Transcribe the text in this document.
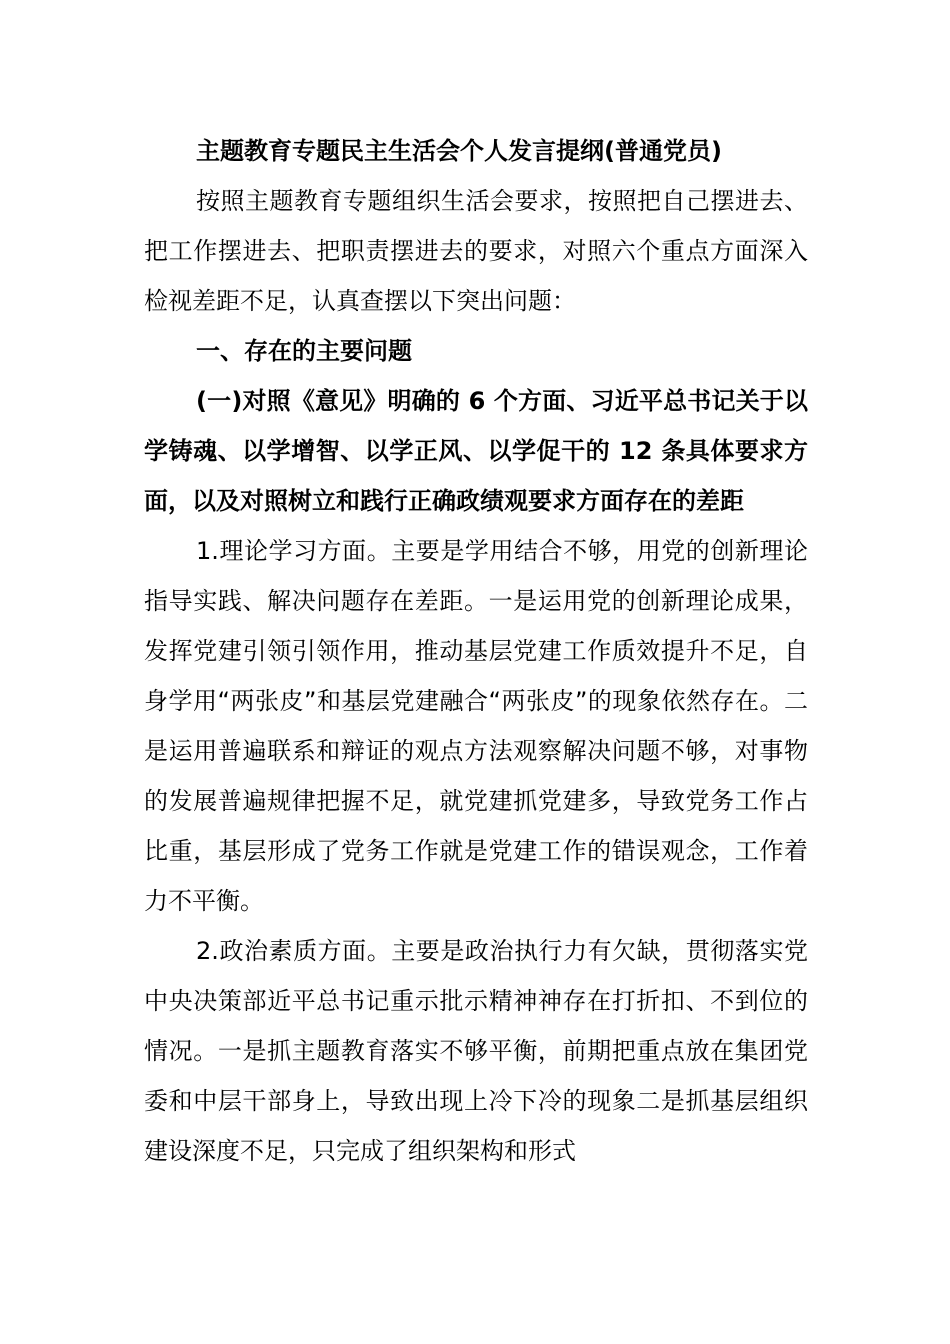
主题教育专题民主生活会个人发言提纲(普通党员)

按照主题教育专题组织生活会要求，按照把自己摆进去、把工作摆进去、把职责摆进去的要求，对照六个重点方面深入检视差距不足，认真查摆以下突出问题：

一、存在的主要问题

(一)对照《意见》明确的 6 个方面、习近平总书记关于以学铸魂、以学增智、以学正风、以学促干的 12 条具体要求方面，以及对照树立和践行正确政绩观要求方面存在的差距

1.理论学习方面。主要是学用结合不够，用党的创新理论指导实践、解决问题存在差距。一是运用党的创新理论成果，发挥党建引领引领作用，推动基层党建工作质效提升不足，自身学用“两张皮”和基层党建融合“两张皮”的现象依然存在。二是运用普遍联系和辩证的观点方法观察解决问题不够，对事物的发展普遍规律把握不足，就党建抓党建多，导致党务工作占比重，基层形成了党务工作就是党建工作的错误观念，工作着力不平衡。

2.政治素质方面。主要是政治执行力有欠缺，贯彻落实党中央决策部近平总书记重示批示精神神存在打折扣、不到位的情况。一是抓主题教育落实不够平衡，前期把重点放在集团党委和中层干部身上，导致出现上冷下冷的现象二是抓基层组织建设深度不足，只完成了组织架构和形式
